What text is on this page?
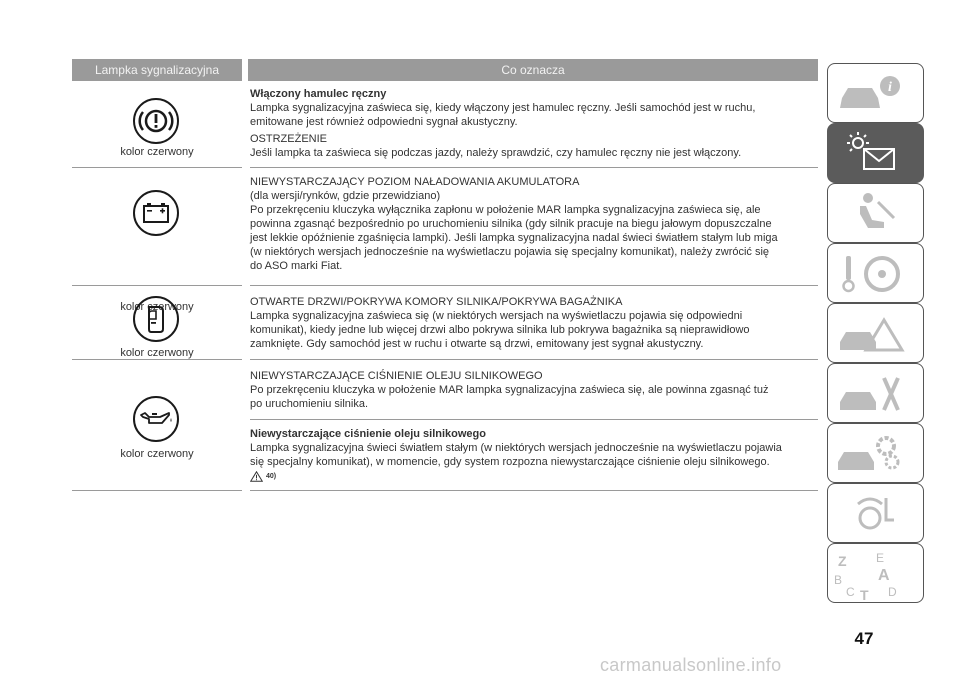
Lampka sygnalizacyjna	Co oznacza
kolor czerwony

Włączony hamulec ręczny

Lampka sygnalizacyjna zaświeca się, kiedy włączony jest hamulec ręczny. Jeśli samochód jest w ruchu,

emitowane jest również odpowiedni sygnał akustyczny.

OSTRZEŻENIE

Jeśli lampka ta zaświeca się podczas jazdy, należy sprawdzić, czy hamulec ręczny nie jest włączony.

kolor czerwony

NIEWYSTARCZAJĄCY POZIOM NAŁADOWANIA AKUMULATORA

(dla wersji/rynków, gdzie przewidziano)

Po przekręceniu kluczyka wyłącznika zapłonu w położenie MAR lampka sygnalizacyjna zaświeca się, ale

powinna zgasnąć bezpośrednio po uruchomieniu silnika (gdy silnik pracuje na biegu jałowym dopuszczalne

jest lekkie opóźnienie zgaśnięcia lampki). Jeśli lampka sygnalizacyjna nadal świeci światłem stałym lub miga

(w niektórych wersjach jednocześnie na wyświetlaczu pojawia się specjalny komunikat), należy zwrócić się

do ASO marki Fiat.

kolor czerwony

OTWARTE DRZWI/POKRYWA KOMORY SILNIKA/POKRYWA BAGAŻNIKA

Lampka sygnalizacyjna zaświeca się (w niektórych wersjach na wyświetlaczu pojawia się odpowiedni

komunikat), kiedy jedne lub więcej drzwi albo pokrywa silnika lub pokrywa bagażnika są nieprawidłowo

zamknięte. Gdy samochód jest w ruchu i otwarte są drzwi, emitowany jest sygnał akustyczny.

kolor czerwony

NIEWYSTARCZAJĄCE CIŚNIENIE OLEJU SILNIKOWEGO

Po przekręceniu kluczyka w położenie MAR lampka sygnalizacyjna zaświeca się, ale powinna zgasnąć tuż

po uruchomieniu silnika.

Niewystarczające ciśnienie oleju silnikowego

Lampka sygnalizacyjna świeci światłem stałym (w niektórych wersjach jednocześnie na wyświetlaczu pojawia

się specjalny komunikat), w momencie, gdy system rozpozna niewystarczające ciśnienie oleju silnikowego.

40)
i
Z E
A
B
C T D
47
carmanualsonline.info
